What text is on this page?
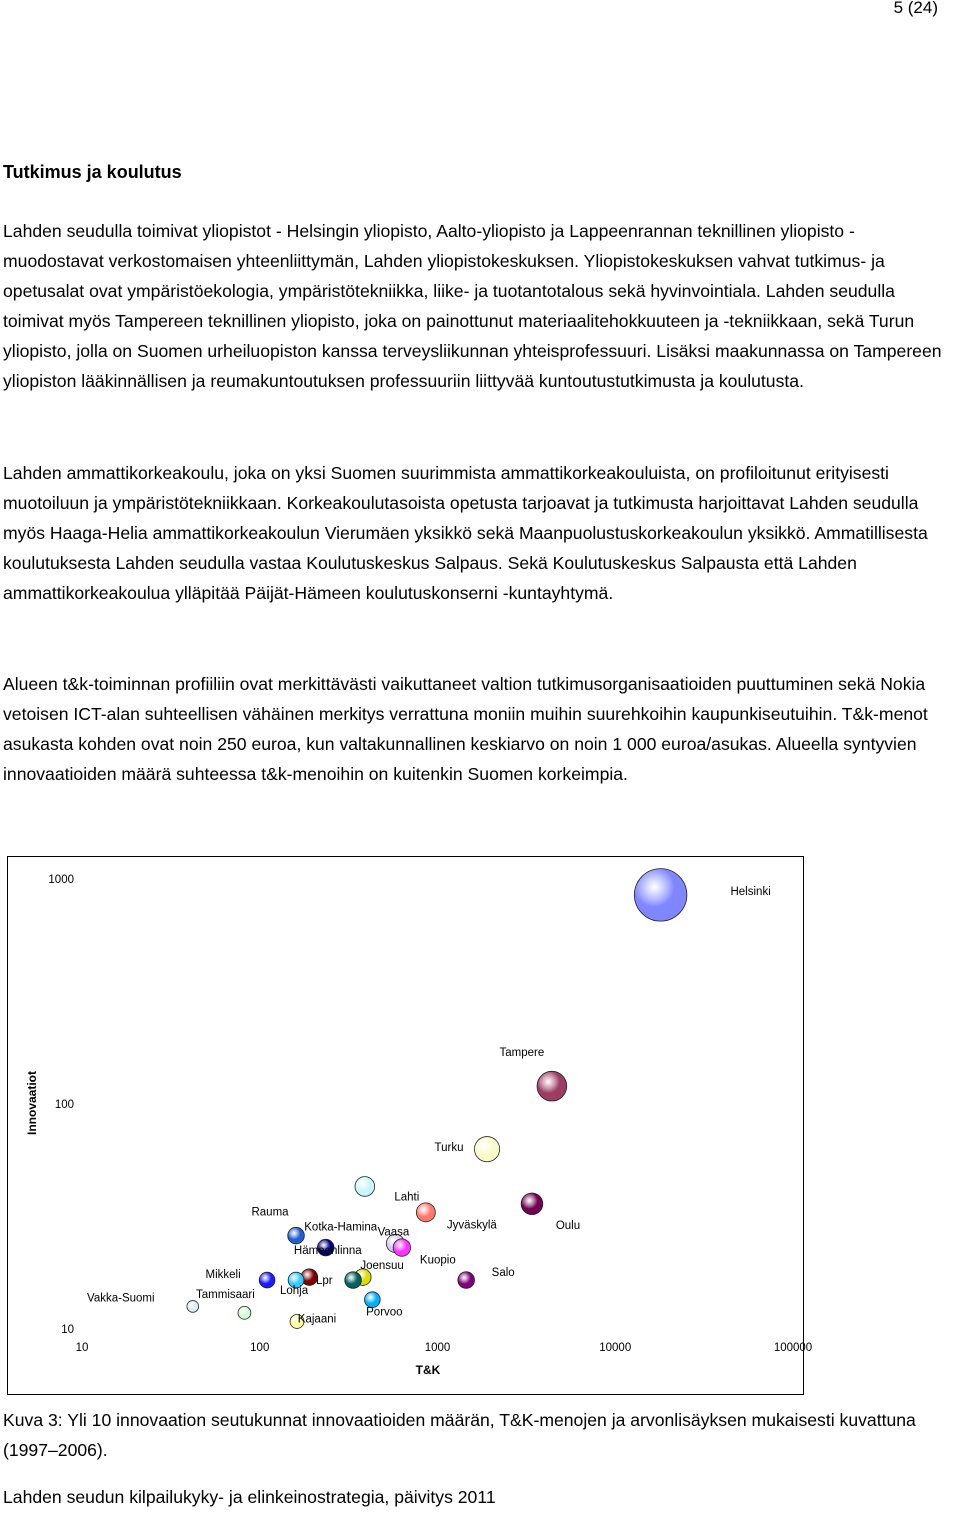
5 (24)
Tutkimus ja koulutus

Lahden seudulla toimivat yliopistot - Helsingin yliopisto, Aalto-yliopisto ja Lappeenrannan teknillinen yliopisto - muodostavat verkostomaisen yhteenliittymän, Lahden yliopistokeskuksen. Yliopistokeskuksen vahvat tutkimus- ja opetusalat ovat ympäristöekologia, ympäristötekniikka, liike- ja tuotantotalous sekä hyvinvointiala. Lahden seudulla toimivat myös Tampereen teknillinen yliopisto, joka on painottunut materiaalitehokkuuteen ja -tekniikkaan, sekä Turun yliopisto, jolla on Suomen urheiluopiston kanssa terveysliikunnan yhteisprofessuuri. Lisäksi maakunnassa on Tampereen yliopiston lääkinnällisen ja reumakuntoutuksen professuuriin liittyvää kuntoutustutkimusta ja koulutusta.

Lahden ammattikorkeakoulu, joka on yksi Suomen suurimmista ammattikorkeakouluista, on profiloitunut erityisesti muotoiluun ja ympäristötekniikkaan. Korkeakoulutasoista opetusta tarjoavat ja tutkimusta harjoittavat Lahden seudulla myös Haaga-Helia ammattikorkeakoulun Vierumäen yksikkö sekä Maanpuolustuskorkeakoulun yksikkö. Ammatillisesta koulutuksesta Lahden seudulla vastaa Koulutuskeskus Salpaus. Sekä Koulutuskeskus Salpausta että Lahden ammattikorkeakoulua ylläpitää Päijät-Hämeen koulutuskonserni -kuntayhtymä.

Alueen t&k-toiminnan profiiliin ovat merkittävästi vaikuttaneet valtion tutkimusorganisaatioiden puuttuminen sekä Nokia vetoisen ICT-alan suhteellisen vähäinen merkitys verrattuna moniin muihin suurehkoihin kaupunkiseutuihin. T&k-menot asukasta kohden ovat noin 250 euroa, kun valtakunnallinen keskiarvo on noin 1 000 euroa/asukas. Alueella syntyvien innovaatioiden määrä suhteessa t&k-menoihin on kuitenkin Suomen korkeimpia.

Helsinki
Tampere
Turku
Oulu
Lahti
Jyväskylä
Vaasa
Kuopio
Rauma
Kotka-Hamina
Hämeenlinna
Joensuu
Lpr
Mikkeli
Lohja
Salo
Porvoo
Kajaani
Tammisaari
Vakka-Suomi
10	100	1000	10000	100000
10
100
1000
T&K
Innovaatiot

Kuva 3: Yli 10 innovaation seutukunnat innovaatioiden määrän, T&K-menojen ja arvonlisäyksen mukaisesti kuvattuna (1997–2006).

Lahden seudun kilpailukyky- ja elinkeinostrategia, päivitys 2011
